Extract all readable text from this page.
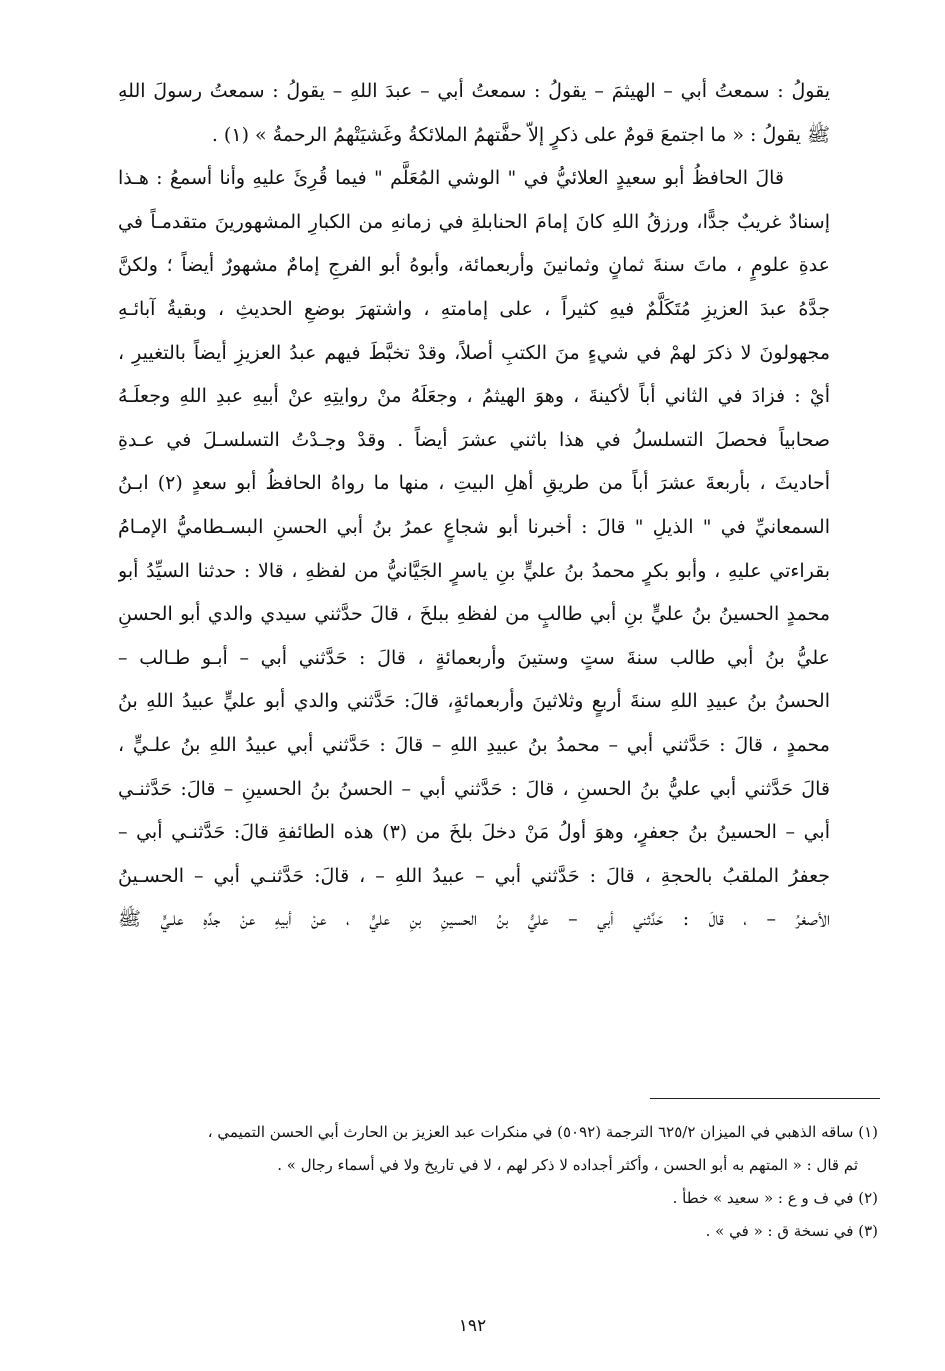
يقولُ : سمعتُ أبي – الهيثمَ – يقولُ : سمعتُ أبي – عبدَ اللهِ – يقولُ : سمعتُ رسولَ اللهِ
ﷺ يقولُ : « ما اجتمعَ قومٌ على ذكرٍ إلاّ حفَّتهمُ الملائكةُ وغَشيَتْهمُ الرحمةُ » (١) .
قالَ الحافظُ أبو سعيدٍ العلائيُّ في " الوشي المُعَلَّم " فيما قُرِئَ عليهِ وأنا أسمعُ : هـذا
إسنادٌ غريبٌ جدًّا، ورزقُ اللهِ كانَ إمامَ الحنابلةِ في زمانهِ من الكبارِ المشهورينَ متقدمـاً في
عدةِ علومٍ ، ماتَ سنةَ ثمانٍ وثمانينَ وأربعمائة، وأبوهُ أبو الفرجِ إمامٌ مشهورٌ أيضاً ؛ ولكنَّ
جدَّهُ عبدَ العزيزِ مُتَكَلَّمٌ فيهِ كثيراً ، على إمامتهِ ، واشتهرَ بوضعِ الحديثِ ، وبقيةُ آبائـهِ
مجهولونَ لا ذكرَ لهمْ في شيءٍ منَ الكتبِ أصلاً، وقدْ تخبَّطَ فيهم عبدُ العزيزِ أيضاً بالتغييرِ ،
أيْ : فزادَ في الثاني أباً لأكينةَ ، وهوَ الهيثمُ ، وجعَلَهُ منْ روايتِهِ عنْ أبيهِ عبدِ اللهِ وجعلَـهُ
صحابياً فحصلَ التسلسلُ في هذا باثني عشرَ أيضاً . وقدْ وجـدْتُ التسلسـلَ في عـدةِ
أحاديثَ ، بأربعةَ عشرَ أباً من طريقِ أهلِ البيتِ ، منها ما رواهُ الحافظُ أبو سعدٍ (٢) ابـنُ
السمعانيِّ في " الذيلِ " قالَ : أخبرنا أبو شجاعٍ عمرُ بنُ أبي الحسنِ البسـطاميُّ الإمـامُ
بقراءتي عليهِ ، وأبو بكرٍ محمدُ بنُ عليٍّ بنِ ياسرٍ الجَيَّانيُّ من لفظهِ ، قالا : حدثنا السيِّدُ أبو
محمدٍ الحسينُ بنُ عليٍّ بنِ أبي طالبٍ من لفظهِ ببلخَ ، قالَ حدَّثني سيدي والدي أبو الحسنِ
عليُّ بنُ أبي طالب سنةَ ستٍ وستينَ وأربعمائةٍ ، قالَ : حَدَّثني أبي – أبـو طـالب –
الحسنُ بنُ عبيدِ اللهِ سنةَ أربعٍ وثلاثينَ وأربعمائةٍ، قالَ: حَدَّثني والدي أبو عليٍّ عبيدُ اللهِ بنُ
محمدٍ ، قالَ : حَدَّثني أبي – محمدُ بنُ عبيدِ اللهِ – قالَ : حَدَّثني أبي عبيدُ اللهِ بنُ علـيٍّ ،
قالَ حَدَّثني أبي عليُّ بنُ الحسنِ ، قالَ : حَدَّثني أبي – الحسنُ بنُ الحسينِ – قالَ: حَدَّثنـي
أبي – الحسينُ بنُ جعفرٍ، وهوَ أولُ مَنْ دخلَ بلخَ من (٣) هذه الطائفةِ قالَ: حَدَّثنـي أبي –
جعفرُ الملقبُ بالحجةِ ، قالَ : حَدَّثني أبي – عبيدُ اللهِ – ، قالَ: حَدَّثنـي أبي – الحسـينُ
الأصغرُ – ، قالَ : حَدَّثني أبي – عليُّ بنُ الحسينِ بنِ عليٍّ ، عنْ أبيهِ عنْ جدِّهِ علـيٍّ ﷺ
(١) ساقه الذهبي في الميزان ٦٢٥/٢ الترجمة (٥٠٩٢) في منكرات عبد العزيز بن الحارث أبي الحسن التميمي ،
ثم قال : « المتهم به أبو الحسن ، وأكثر أجداده لا ذكر لهم ، لا في تاريخ ولا في أسماء رجال » .
(٢) في ف و ع : « سعيد » خطأ .
(٣) في نسخة ق : « في » .
١٩٢
